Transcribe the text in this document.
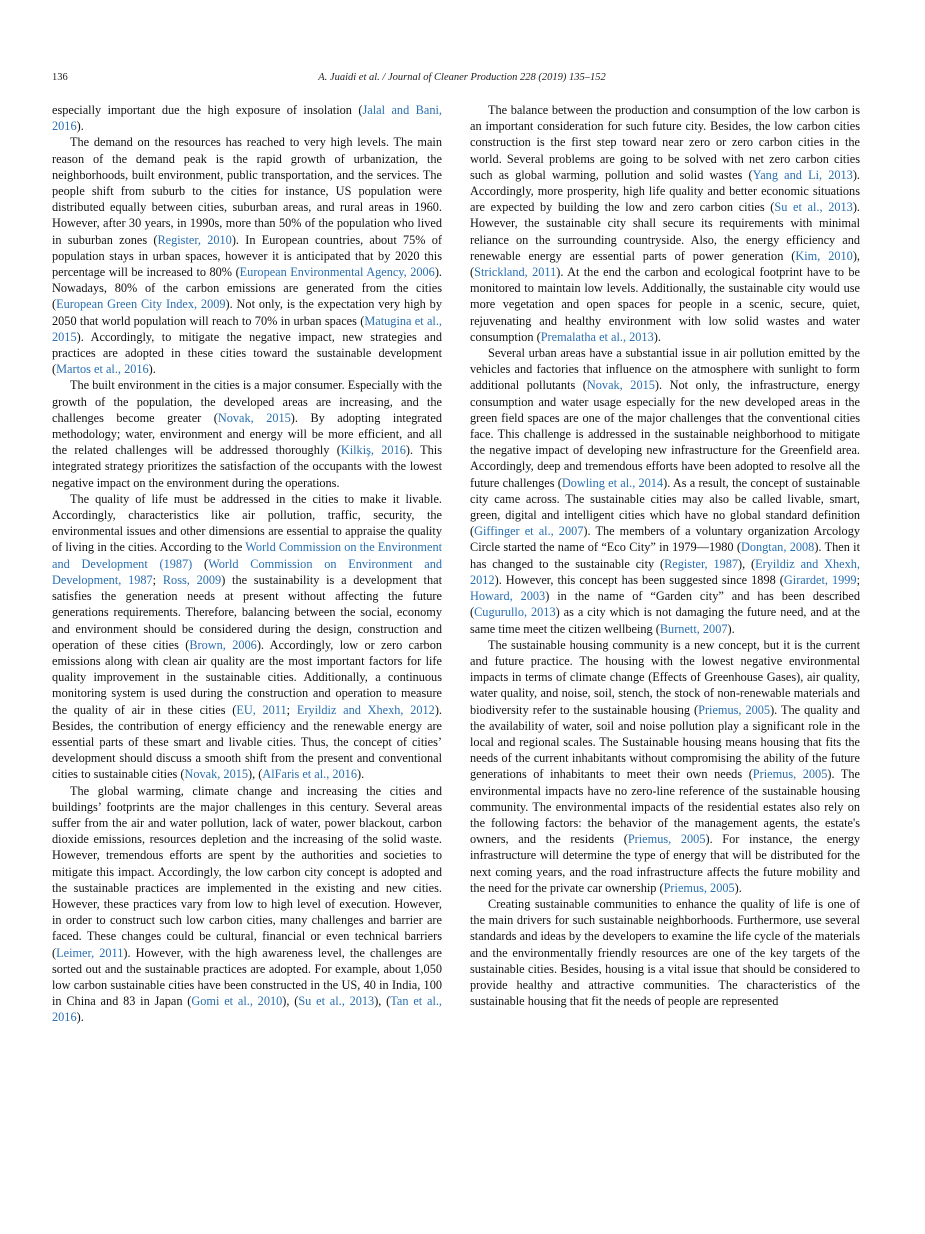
136	A. Juaidi et al. / Journal of Cleaner Production 228 (2019) 135–152

especially important due the high exposure of insolation (Jalal and Bani, 2016).

The demand on the resources has reached to very high levels. The main reason of the demand peak is the rapid growth of urbanization, the neighborhoods, built environment, public transportation, and the services. The people shift from suburb to the cities for instance, US population were distributed equally between cities, suburban areas, and rural areas in 1960. However, after 30 years, in 1990s, more than 50% of the population who lived in suburban zones (Register, 2010). In European countries, about 75% of population stays in urban spaces, however it is anticipated that by 2020 this percentage will be increased to 80% (European Environmental Agency, 2006). Nowadays, 80% of the carbon emissions are generated from the cities (European Green City Index, 2009). Not only, is the expectation very high by 2050 that world population will reach to 70% in urban spaces (Matugina et al., 2015). Accordingly, to mitigate the negative impact, new strategies and practices are adopted in these cities toward the sustainable development (Martos et al., 2016).

The built environment in the cities is a major consumer. Especially with the growth of the population, the developed areas are increasing, and the challenges become greater (Novak, 2015). By adopting integrated methodology; water, environment and energy will be more efficient, and all the related challenges will be addressed thoroughly (Kilkiş, 2016). This integrated strategy prioritizes the satisfaction of the occupants with the lowest negative impact on the environment during the operations.

The quality of life must be addressed in the cities to make it livable. Accordingly, characteristics like air pollution, traffic, security, the environmental issues and other dimensions are essential to appraise the quality of living in the cities. According to the World Commission on the Environment and Development (1987) (World Commission on Environment and Development, 1987; Ross, 2009) the sustainability is a development that satisfies the generation needs at present without affecting the future generations requirements. Therefore, balancing between the social, economy and environment should be considered during the design, construction and operation of these cities (Brown, 2006). Accordingly, low or zero carbon emissions along with clean air quality are the most important factors for life quality improvement in the sustainable cities. Additionally, a continuous monitoring system is used during the construction and operation to measure the quality of air in these cities (EU, 2011; Eryildiz and Xhexh, 2012). Besides, the contribution of energy efficiency and the renewable energy are essential parts of these smart and livable cities. Thus, the concept of cities’ development should discuss a smooth shift from the present and conventional cities to sustainable cities (Novak, 2015), (AlFaris et al., 2016).

The global warming, climate change and increasing the cities and buildings’ footprints are the major challenges in this century. Several areas suffer from the air and water pollution, lack of water, power blackout, carbon dioxide emissions, resources depletion and the increasing of the solid waste. However, tremendous efforts are spent by the authorities and societies to mitigate this impact. Accordingly, the low carbon city concept is adopted and the sustainable practices are implemented in the existing and new cities. However, these practices vary from low to high level of execution. However, in order to construct such low carbon cities, many challenges and barrier are faced. These changes could be cultural, financial or even technical barriers (Leimer, 2011). However, with the high awareness level, the challenges are sorted out and the sustainable practices are adopted. For example, about 1,050 low carbon sustainable cities have been constructed in the US, 40 in India, 100 in China and 83 in Japan (Gomi et al., 2010), (Su et al., 2013), (Tan et al., 2016).

The balance between the production and consumption of the low carbon is an important consideration for such future city. Besides, the low carbon cities construction is the first step toward near zero or zero carbon cities in the world. Several problems are going to be solved with net zero carbon cities such as global warming, pollution and solid wastes (Yang and Li, 2013). Accordingly, more prosperity, high life quality and better economic situations are expected by building the low and zero carbon cities (Su et al., 2013). However, the sustainable city shall secure its requirements with minimal reliance on the surrounding countryside. Also, the energy efficiency and renewable energy are essential parts of power generation (Kim, 2010), (Strickland, 2011). At the end the carbon and ecological footprint have to be monitored to maintain low levels. Additionally, the sustainable city would use more vegetation and open spaces for people in a scenic, secure, quiet, rejuvenating and healthy environment with low solid wastes and water consumption (Premalatha et al., 2013).

Several urban areas have a substantial issue in air pollution emitted by the vehicles and factories that influence on the atmosphere with sunlight to form additional pollutants (Novak, 2015). Not only, the infrastructure, energy consumption and water usage especially for the new developed areas in the green field spaces are one of the major challenges that the conventional cities face. This challenge is addressed in the sustainable neighborhood to mitigate the negative impact of developing new infrastructure for the Greenfield area. Accordingly, deep and tremendous efforts have been adopted to resolve all the future challenges (Dowling et al., 2014). As a result, the concept of sustainable city came across. The sustainable cities may also be called livable, smart, green, digital and intelligent cities which have no global standard definition (Giffinger et al., 2007). The members of a voluntary organization Arcology Circle started the name of “Eco City” in 1979—1980 (Dongtan, 2008). Then it has changed to the sustainable city (Register, 1987), (Eryildiz and Xhexh, 2012). However, this concept has been suggested since 1898 (Girardet, 1999; Howard, 2003) in the name of “Garden city” and has been described (Cugurullo, 2013) as a city which is not damaging the future need, and at the same time meet the citizen wellbeing (Burnett, 2007).

The sustainable housing community is a new concept, but it is the current and future practice. The housing with the lowest negative environmental impacts in terms of climate change (Effects of Greenhouse Gases), air quality, water quality, and noise, soil, stench, the stock of non-renewable materials and biodiversity refer to the sustainable housing (Priemus, 2005). The quality and the availability of water, soil and noise pollution play a significant role in the local and regional scales. The Sustainable housing means housing that fits the needs of the current inhabitants without compromising the ability of the future generations of inhabitants to meet their own needs (Priemus, 2005). The environmental impacts have no zero-line reference of the sustainable housing community. The environmental impacts of the residential estates also rely on the following factors: the behavior of the management agents, the estate's owners, and the residents (Priemus, 2005). For instance, the energy infrastructure will determine the type of energy that will be distributed for the next coming years, and the road infrastructure affects the future mobility and the need for the private car ownership (Priemus, 2005).

Creating sustainable communities to enhance the quality of life is one of the main drivers for such sustainable neighborhoods. Furthermore, use several standards and ideas by the developers to examine the life cycle of the materials and the environmentally friendly resources are one of the key targets of the sustainable cities. Besides, housing is a vital issue that should be considered to provide healthy and attractive communities. The characteristics of the sustainable housing that fit the needs of people are represented
